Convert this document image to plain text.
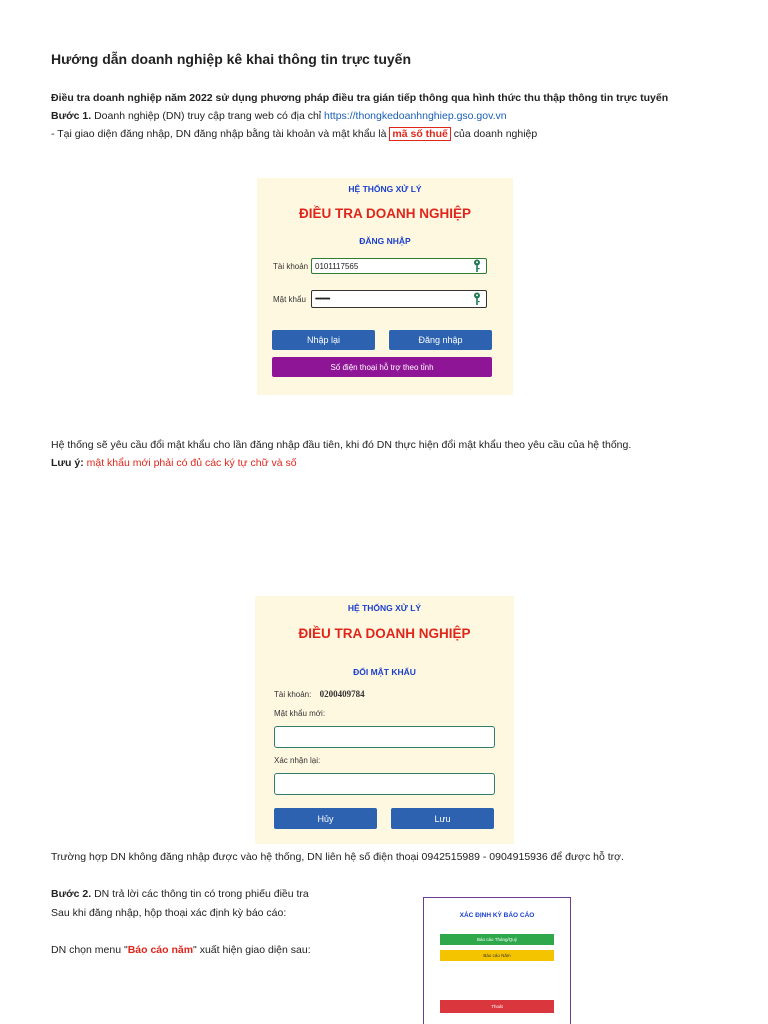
Hướng dẫn doanh nghiệp kê khai thông tin trực tuyến
Điều tra doanh nghiệp năm 2022 sử dụng phương pháp điều tra gián tiếp thông qua hình thức thu thập thông tin trực tuyến
Bước 1. Doanh nghiệp (DN) truy cập trang web có địa chỉ https://thongkedoanhnghiep.gso.gov.vn
- Tại giao diện đăng nhập, DN đăng nhập bằng tài khoản và mật khẩu là mã số thuế của doanh nghiệp
HỆ THỐNG XỬ LÝ
ĐIỀU TRA DOANH NGHIỆP
ĐĂNG NHẬP
Tài khoản 0101117565
Mật khẩu ••••••••••
Nhập lại	Đăng nhập
Số điện thoại hỗ trợ theo tỉnh
Hệ thống sẽ yêu cầu đổi mật khẩu cho lần đăng nhập đầu tiên, khi đó DN thực hiện đổi mật khẩu theo yêu cầu của hệ thống.
Lưu ý: mật khẩu mới phải có đủ các ký tự chữ và số
HỆ THỐNG XỬ LÝ
ĐIỀU TRA DOANH NGHIỆP
ĐỔI MẬT KHẨU
Tài khoản: 0200409784
Mật khẩu mới:
Xác nhận lại:
Hủy	Lưu
Trường hợp DN không đăng nhập được vào hệ thống, DN liên hệ số điện thoại 0942515989 - 0904915936 để được hỗ trợ.
Bước 2. DN trả lời các thông tin có trong phiếu điều tra
Sau khi đăng nhập, hộp thoại xác định kỳ báo cáo:
DN chọn menu "Báo cáo năm" xuất hiện giao diện sau:
XÁC ĐỊNH KỲ BÁO CÁO
Báo cáo Tháng/Quý
Báo cáo Năm
Thoát
